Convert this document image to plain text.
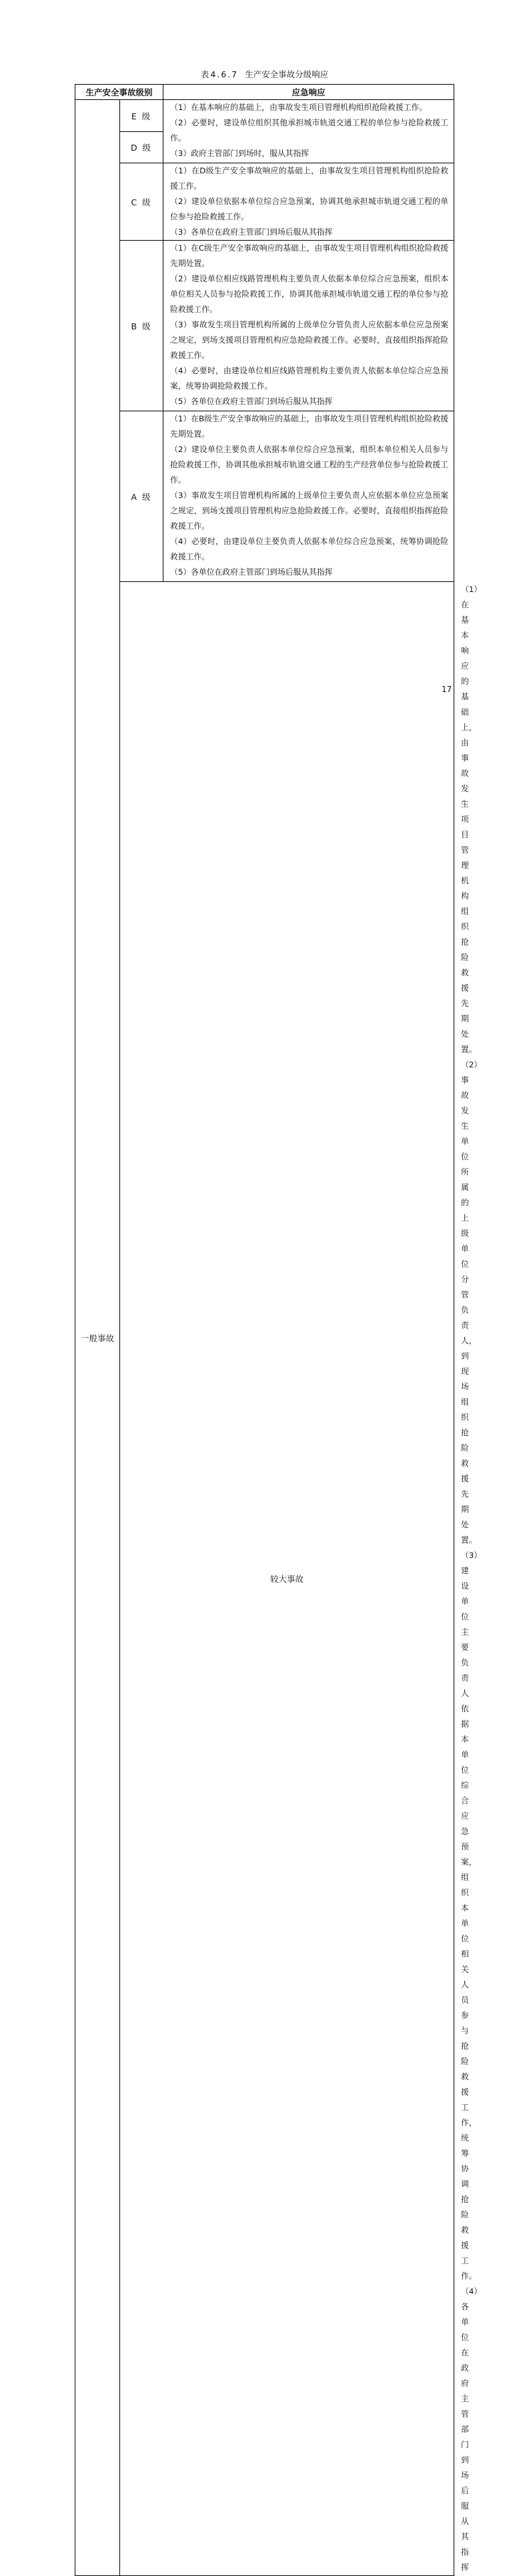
表4.6.7 生产安全事故分级响应
生产安全事故级别		应急响应	
一般事故	E 级	（1）在基本响应的基础上，由事故发生项目管理机构组织抢险救援工作。

（2）必要时，建设单位组织其他承担城市轨道交通工程的单位参与抢险救援工作。

（3）政府主管部门到场时，服从其指挥	

	D 级		
	C 级	（1）在D级生产安全事故响应的基础上，由事故发生项目管理机构组织抢险救援工作。

（2）建设单位依据本单位综合应急预案，协调其他承担城市轨道交通工程的单位参与抢险救援工作。

（3）各单位在政府主管部门到场后服从其指挥	

	B 级	（1）在C级生产安全事故响应的基础上，由事故发生项目管理机构组织抢险救援先期处置。

（2）建设单位相应线路管理机构主要负责人依据本单位综合应急预案，组织本单位相关人员参与抢险救援工作，协调其他承担城市轨道交通工程的单位参与抢险救援工作。

（3）事故发生项目管理机构所属的上级单位分管负责人应依据本单位应急预案之规定，到场支援项目管理机构应急抢险救援工作。必要时，直接组织指挥抢险救援工作。

（4）必要时，由建设单位相应线路管理机构主要负责人依据本单位综合应急预案，统筹协调抢险救援工作。

（5）各单位在政府主管部门到场后服从其指挥	

	A 级	（1）在B级生产安全事故响应的基础上，由事故发生项目管理机构组织抢险救援先期处置。

（2）建设单位主要负责人依据本单位综合应急预案，组织本单位相关人员参与抢险救援工作，协调其他承担城市轨道交通工程的生产经营单位参与抢险救援工作。

（3）事故发生项目管理机构所属的上级单位主要负责人应依据本单位应急预案之规定，到场支援项目管理机构应急抢险救援工作。必要时，直接组织指挥抢险救援工作。

（4）必要时，由建设单位主要负责人依据本单位综合应急预案，统筹协调抢险救援工作。

（5）各单位在政府主管部门到场后服从其指挥	

	较大事故		（1）在基本响应的基础上，由事故发生项目管理机构组织抢险救援先期处置。

（2）事故发生单位所属的上级单位分管负责人，到现场组织抢险救援先期处置。

（3）建设单位主要负责人依据本单位综合应急预案，组织本单位相关人员参与抢险救援工作，统筹协调抢险救援工作。

（4）各单位在政府主管部门到场后服从其指挥

17
